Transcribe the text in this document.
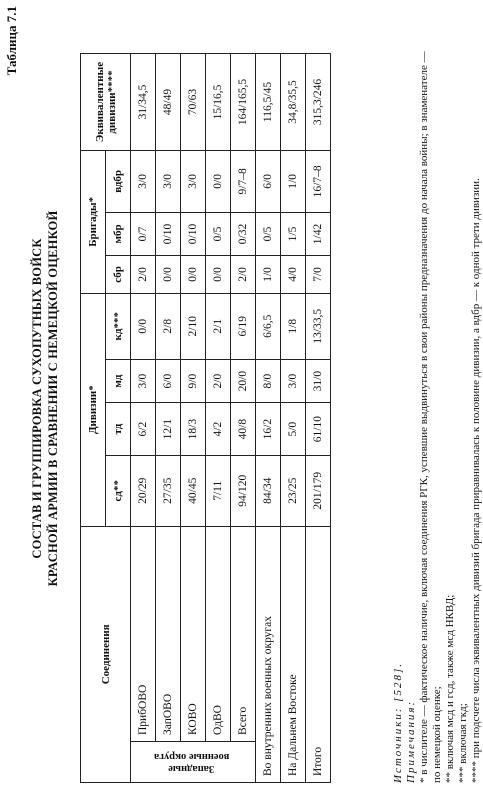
Таблица 7.1
СОСТАВ И ГРУППИРОВКА СУХОПУТНЫХ ВОЙСК КРАСНОЙ АРМИИ В СРАВНЕНИИ С НЕМЕЦКОЙ ОЦЕНКОЙ
Соединения		Дивизии*				Бригады*			Эквивалентные дивизии****
		сд**	тд	мд	кд***	сбр	мбр	вдбр	
Западные
военные округа	ПрибОВО	20/29	6/2	3/0	0/0	2/0	0/7	3/0	31/34,5
	ЗапОВО	27/35	12/1	6/0	2/8	0/0	0/10	3/0	48/49
	КОВО	40/45	18/3	9/0	2/10	0/0	0/10	3/0	70/63
	ОдВО	7/11	4/2	2/0	2/1	0/0	0/5	0/0	15/16,5
	Всего	94/120	40/8	20/0	6/19	2/0	0/32	9/7–8	164/165,5
Во внутренних военных округах		84/34	16/2	8/0	6/6,5	1/0	0/5	6/0	116,5/45
На Дальнем Востоке		23/25	5/0	3/0	1/8	4/0	1/5	1/0	34,8/35,5
Итого		201/179	61/10	31/0	13/33,5	7/0	1/42	16/7–8	315,3/246

Источники: [528]. Примечания: * в числителе — фактическое наличие, включая соединения РГК, успевшие выдвинуться в свои районы предназначения до начала войны; в знаменателе — по немецкой оценке; ** включая мсд и гсд, также мсд НКВД; *** включая гкд; **** при подсчете числа эквивалентных дивизий бригада приравнивалась к половине дивизии, а вдбр — к одной трети дивизии.
